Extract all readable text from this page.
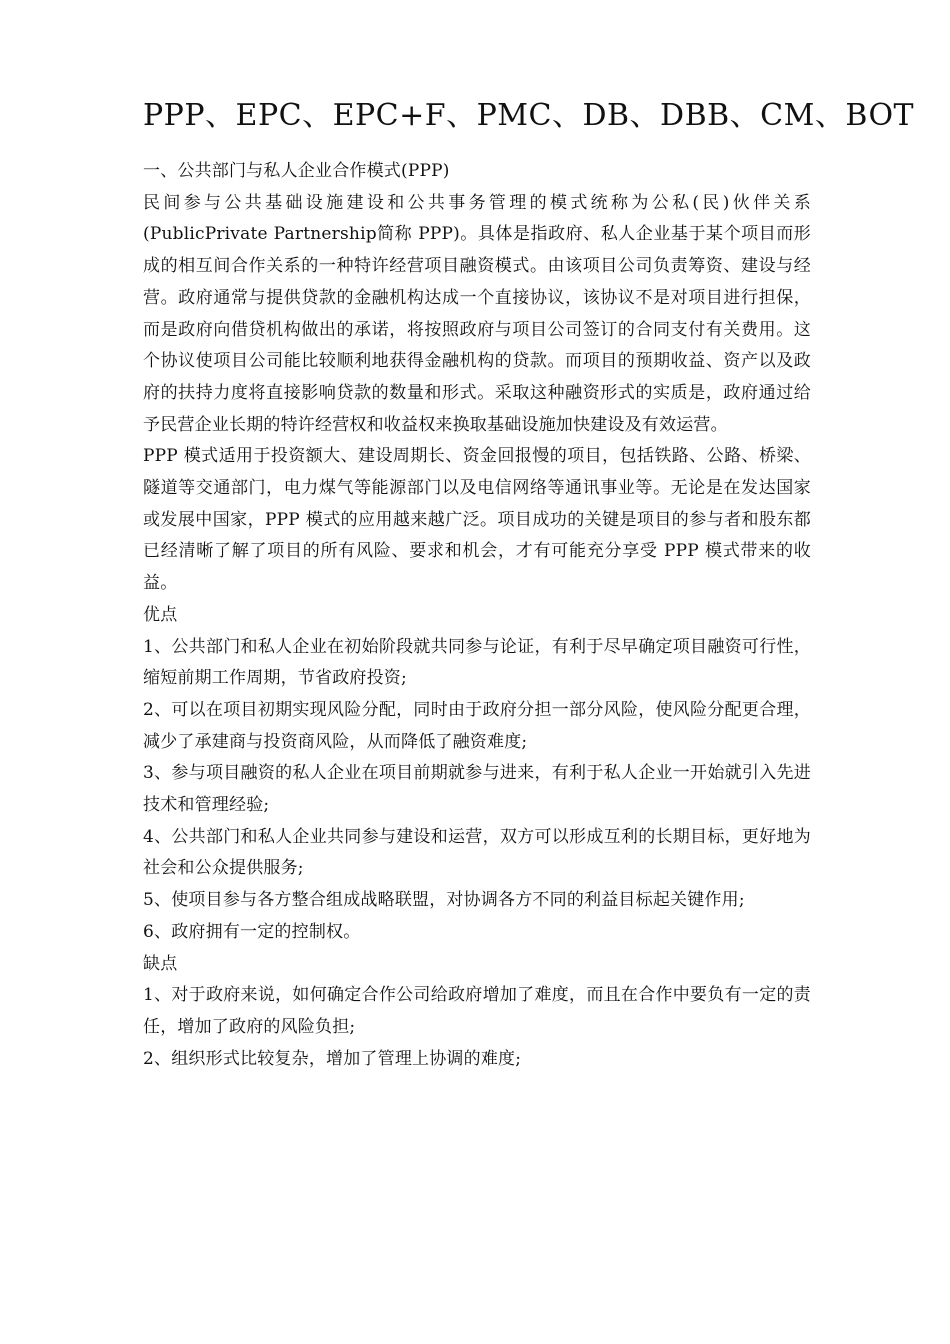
PPP、EPC、EPC+F、PMC、DB、DBB、CM、BOT

一、公共部门与私人企业合作模式(PPP)

民间参与公共基础设施建设和公共事务管理的模式统称为公私(民)伙伴关系(PublicPrivate Partnership简称 PPP)。具体是指政府、私人企业基于某个项目而形成的相互间合作关系的一种特许经营项目融资模式。由该项目公司负责筹资、建设与经营。政府通常与提供贷款的金融机构达成一个直接协议，该协议不是对项目进行担保，而是政府向借贷机构做出的承诺，将按照政府与项目公司签订的合同支付有关费用。这个协议使项目公司能比较顺利地获得金融机构的贷款。而项目的预期收益、资产以及政府的扶持力度将直接影响贷款的数量和形式。采取这种融资形式的实质是，政府通过给予民营企业长期的特许经营权和收益权来换取基础设施加快建设及有效运营。

PPP 模式适用于投资额大、建设周期长、资金回报慢的项目，包括铁路、公路、桥梁、隧道等交通部门，电力煤气等能源部门以及电信网络等通讯事业等。无论是在发达国家或发展中国家，PPP 模式的应用越来越广泛。项目成功的关键是项目的参与者和股东都已经清晰了解了项目的所有风险、要求和机会，才有可能充分享受 PPP 模式带来的收益。

优点

1、公共部门和私人企业在初始阶段就共同参与论证，有利于尽早确定项目融资可行性，缩短前期工作周期，节省政府投资;

2、可以在项目初期实现风险分配，同时由于政府分担一部分风险，使风险分配更合理，减少了承建商与投资商风险，从而降低了融资难度;

3、参与项目融资的私人企业在项目前期就参与进来，有利于私人企业一开始就引入先进技术和管理经验;

4、公共部门和私人企业共同参与建设和运营，双方可以形成互利的长期目标，更好地为社会和公众提供服务;

5、使项目参与各方整合组成战略联盟，对协调各方不同的利益目标起关键作用;

6、政府拥有一定的控制权。

缺点

1、对于政府来说，如何确定合作公司给政府增加了难度，而且在合作中要负有一定的责任，增加了政府的风险负担;

2、组织形式比较复杂，增加了管理上协调的难度;
